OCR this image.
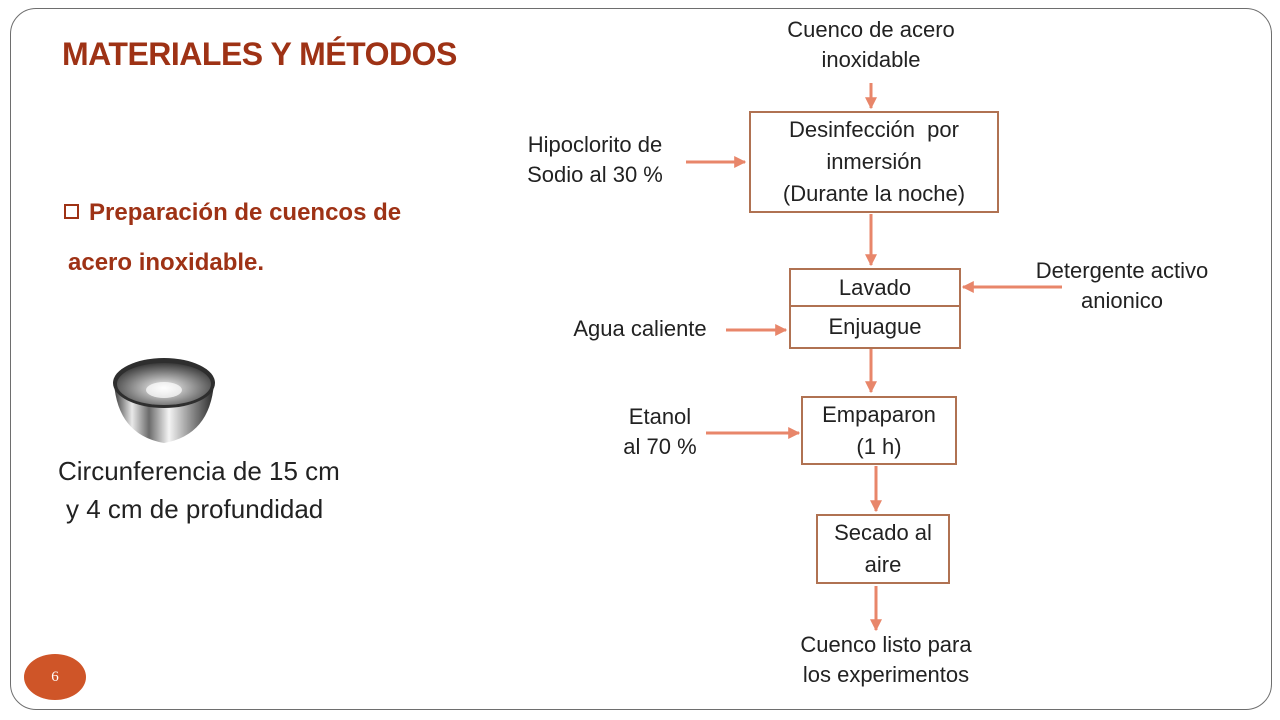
MATERIALES Y MÉTODOS
Preparación de cuencos de
acero inoxidable.
Circunferencia de 15 cm
y 4 cm de profundidad
6
Cuenco de acero
inoxidable
Desinfección  por
inmersión
(Durante la noche)
Hipoclorito de
Sodio al 30 %
Lavado
Enjuague
Detergente activo
anionico
Agua caliente
Empaparon
(1 h)
Etanol
al 70 %
Secado al
aire
Cuenco listo para
los experimentos
